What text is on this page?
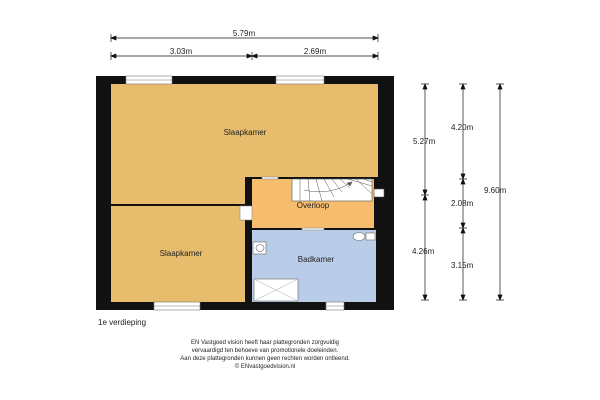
Slaapkamer
Slaapkamer
Overloop
Badkamer
5.79m
3.03m	2.69m
5.27m
4.26m
4.20m
2.08m
3.15m
9.60m
1e verdieping
EN Vastgoed vision heeft haar plattegronden zorgvuldig
vervaardigd ten behoeve van promotionele doeleinden.
Aan deze plattegronden kunnen geen rechten worden ontleend.
© ENvastgoedvision.nl
